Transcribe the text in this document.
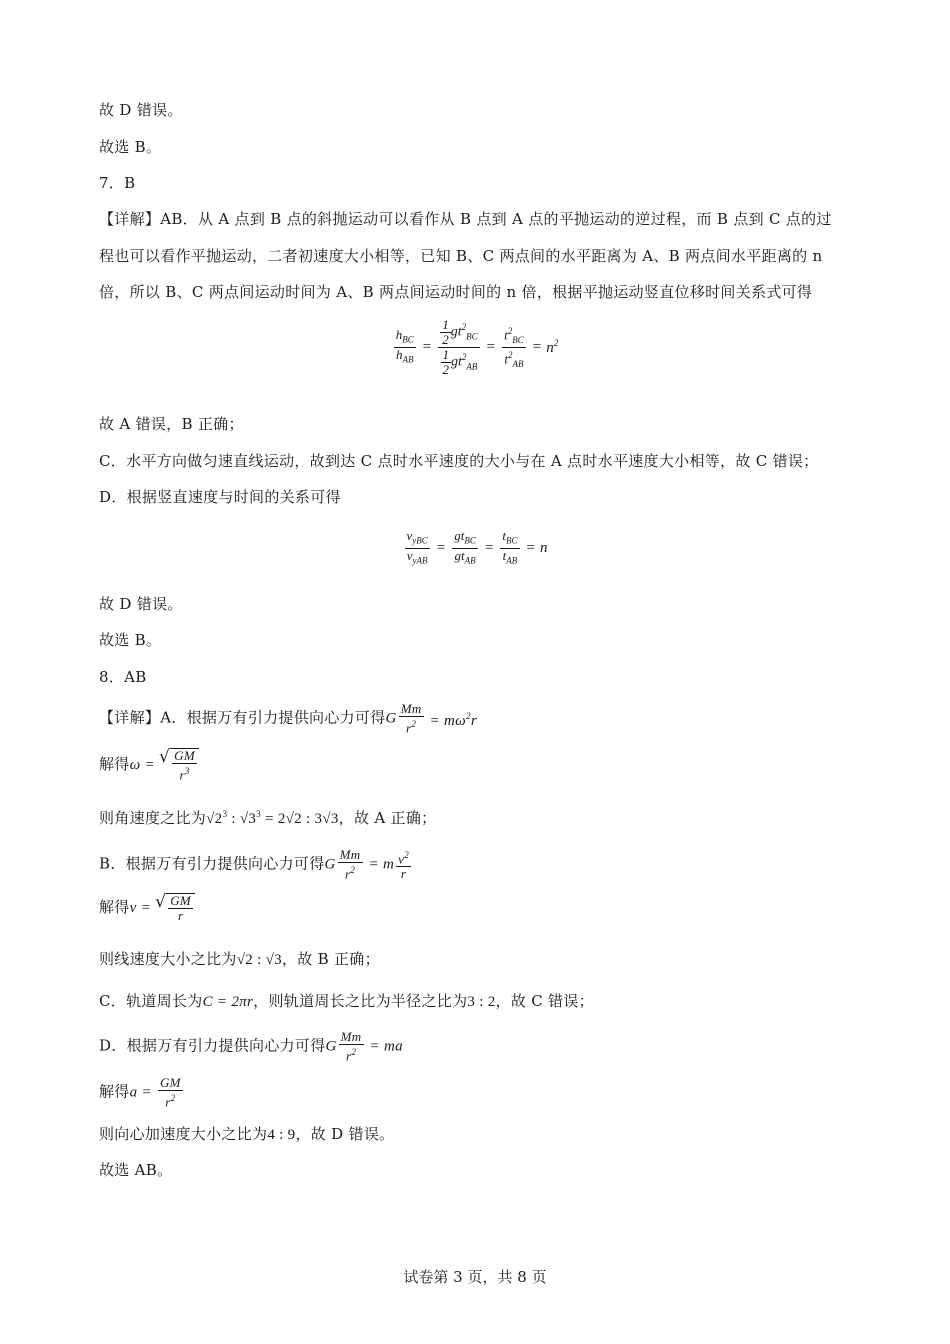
故 D 错误。
故选 B。
7．B
【详解】AB．从 A 点到 B 点的斜抛运动可以看作从 B 点到 A 点的平抛运动的逆过程，而 B 点到 C 点的过
程也可以看作平抛运动，二者初速度大小相等，已知 B、C 两点间的水平距离为 A、B 两点间水平距离的 n
倍，所以 B、C 两点间运动时间为 A、B 两点间运动时间的 n 倍，根据平抛运动竖直位移时间关系式可得
$\frac{h_{BC}}{h_{AB}} = \frac{\frac{1}{2} gt^2_{BC}}{\frac{1}{2} gt^2_{AB}} = \frac{t^2_{BC}}{t^2_{AB}} = n^2$
故 A 错误，B 正确；
C．水平方向做匀速直线运动，故到达 C 点时水平速度的大小与在 A 点时水平速度大小相等，故 C 错误；
D．根据竖直速度与时间的关系可得
$\frac{v_{yBC}}{v_{yAB}} = \frac{gt_{BC}}{gt_{AB}} = \frac{t_{BC}}{t_{AB}} = n$
故 D 错误。
故选 B。
8．AB
【详解】A．根据万有引力提供向心力可得G $\frac{Mm}{r^2} = m\omega^2r$
解得ω = √ $\frac{GM}{r^3}$
则角速度之比为$√2^3$ : $√3^3 = 2√2$ : 3√3，故 A 正确；
B．根据万有引力提供向心力可得G $\frac{Mm}{r^2} = m \frac{v^2}{r}$
解得v = √ $\frac{GM}{r}$
则线速度大小之比为√2 : √3，故 B 正确；
C．轨道周长为C = 2πr，则轨道周长之比为半径之比为3 : 2，故 C 错误；
D．根据万有引力提供向心力可得G $\frac{Mm}{r^2}$ = ma
解得$a = \frac{GM}{r^2}$
则向心加速度大小之比为4 : 9，故 D 错误。
故选 AB。
试卷第 3 页，共 8 页
